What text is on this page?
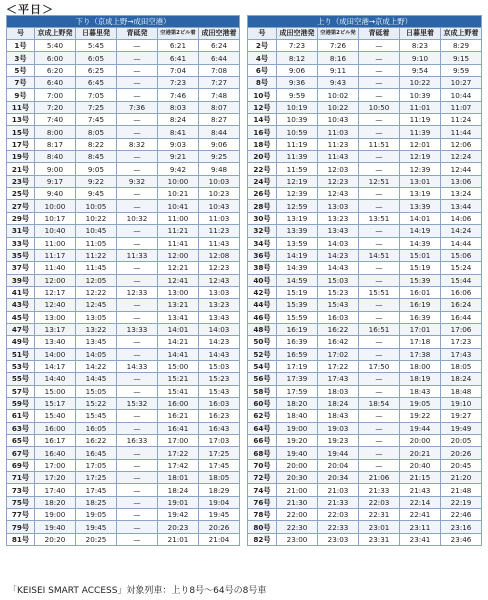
＜平日＞
下り（京成上野→成田空港）					
号	京成上野発	日暮里発	青砥発	空港第2ビル着	成田空港着
1号	5:40	5:45	—	6:21	6:24
3号	6:00	6:05	—	6:41	6:44
5号	6:20	6:25	—	7:04	7:08
7号	6:40	6:45	—	7:23	7:27
9号	7:00	7:05	—	7:46	7:48
11号	7:20	7:25	7:36	8:03	8:07
13号	7:40	7:45	—	8:24	8:27
15号	8:00	8:05	—	8:41	8:44
17号	8:17	8:22	8:32	9:03	9:06
19号	8:40	8:45	—	9:21	9:25
21号	9:00	9:05	—	9:42	9:48
23号	9:17	9:22	9:32	10:00	10:03
25号	9:40	9:45	—	10:21	10:23
27号	10:00	10:05	—	10:41	10:43
29号	10:17	10:22	10:32	11:00	11:03
31号	10:40	10:45	—	11:21	11:23
33号	11:00	11:05	—	11:41	11:43
35号	11:17	11:22	11:33	12:00	12:08
37号	11:40	11:45	—	12:21	12:23
39号	12:00	12:05	—	12:41	12:43
41号	12:17	12:22	12:33	13:00	13:03
43号	12:40	12:45	—	13:21	13:23
45号	13:00	13:05	—	13:41	13:43
47号	13:17	13:22	13:33	14:01	14:03
49号	13:40	13:45	—	14:21	14:23
51号	14:00	14:05	—	14:41	14:43
53号	14:17	14:22	14:33	15:00	15:03
55号	14:40	14:45	—	15:21	15:23
57号	15:00	15:05	—	15:41	15:43
59号	15:17	15:22	15:32	16:00	16:03
61号	15:40	15:45	—	16:21	16:23
63号	16:00	16:05	—	16:41	16:43
65号	16:17	16:22	16:33	17:00	17:03
67号	16:40	16:45	—	17:22	17:25
69号	17:00	17:05	—	17:42	17:45
71号	17:20	17:25	—	18:01	18:05
73号	17:40	17:45	—	18:24	18:29
75号	18:20	18:25	—	19:01	19:04
77号	19:00	19:05	—	19:42	19:45
79号	19:40	19:45	—	20:23	20:26
81号	20:20	20:25	—	21:01	21:04
上り（成田空港→京成上野）					
号	成田空港発	空港第2ビル発	青砥着	日暮里着	京成上野着
2号	7:23	7:26	—	8:23	8:29
4号	8:12	8:16	—	9:10	9:15
6号	9:06	9:11	—	9:54	9:59
8号	9:36	9:43	—	10:22	10:27
10号	9:59	10:02	—	10:39	10:44
12号	10:19	10:22	10:50	11:01	11:07
14号	10:39	10:43	—	11:19	11:24
16号	10:59	11:03	—	11:39	11:44
18号	11:19	11:23	11:51	12:01	12:06
20号	11:39	11:43	—	12:19	12:24
22号	11:59	12:03	—	12:39	12:44
24号	12:19	12:23	12:51	13:01	13:06
26号	12:39	12:43	—	13:19	13:24
28号	12:59	13:03	—	13:39	13:44
30号	13:19	13:23	13:51	14:01	14:06
32号	13:39	13:43	—	14:19	14:24
34号	13:59	14:03	—	14:39	14:44
36号	14:19	14:23	14:51	15:01	15:06
38号	14:39	14:43	—	15:19	15:24
40号	14:59	15:03	—	15:39	15:44
42号	15:19	15:23	15:51	16:01	16:06
44号	15:39	15:43	—	16:19	16:24
46号	15:59	16:03	—	16:39	16:44
48号	16:19	16:22	16:51	17:01	17:06
50号	16:39	16:42	—	17:18	17:23
52号	16:59	17:02	—	17:38	17:43
54号	17:19	17:22	17:50	18:00	18:05
56号	17:39	17:43	—	18:19	18:24
58号	17:59	18:03	—	18:43	18:48
60号	18:20	18:24	18:54	19:05	19:10
62号	18:40	18:43	—	19:22	19:27
64号	19:00	19:03	—	19:44	19:49
66号	19:20	19:23	—	20:00	20:05
68号	19:40	19:44	—	20:21	20:26
70号	20:00	20:04	—	20:40	20:45
72号	20:30	20:34	21:06	21:15	21:20
74号	21:00	21:03	21:33	21:43	21:48
76号	21:30	21:33	22:03	22:14	22:19
78号	22:00	22:03	22:31	22:41	22:46
80号	22:30	22:33	23:01	23:11	23:16
82号	23:00	23:03	23:31	23:41	23:46
「KEISEI SMART ACCESS」対象列車：上り8号～64号の8号車
